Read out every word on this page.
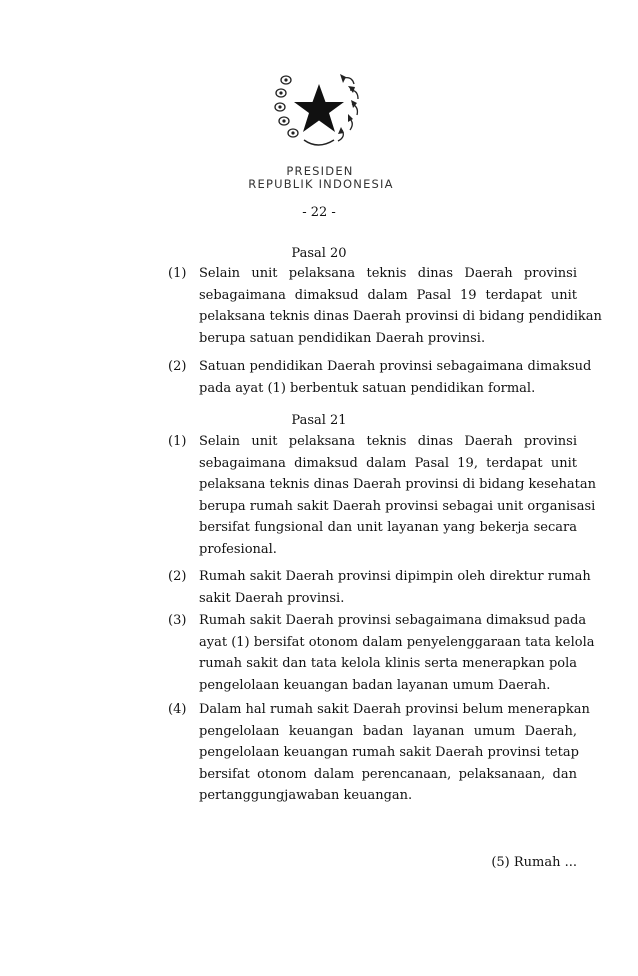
PRESIDEN
REPUBLIK INDONESIA
- 22 -
Pasal 20
(1) Selain unit pelaksana teknis dinas Daerah provinsi
sebagaimana dimaksud dalam Pasal 19 terdapat unit
pelaksana teknis dinas Daerah provinsi di bidang pendidikan
berupa satuan pendidikan Daerah provinsi.
(2) Satuan pendidikan Daerah provinsi sebagaimana dimaksud
pada ayat (1) berbentuk satuan pendidikan formal.
Pasal 21
(1) Selain unit pelaksana teknis dinas Daerah provinsi
sebagaimana dimaksud dalam Pasal 19, terdapat unit
pelaksana teknis dinas Daerah provinsi di bidang kesehatan
berupa rumah sakit Daerah provinsi sebagai unit organisasi
bersifat fungsional dan unit layanan yang bekerja secara
profesional.
(2) Rumah sakit Daerah provinsi dipimpin oleh direktur rumah
sakit Daerah provinsi.
(3) Rumah sakit Daerah provinsi sebagaimana dimaksud pada
ayat (1) bersifat otonom dalam penyelenggaraan tata kelola
rumah sakit dan tata kelola klinis serta menerapkan pola
pengelolaan keuangan badan layanan umum Daerah.
(4) Dalam hal rumah sakit Daerah provinsi belum menerapkan
pengelolaan keuangan badan layanan umum Daerah,
pengelolaan keuangan rumah sakit Daerah provinsi tetap
bersifat otonom dalam perencanaan, pelaksanaan, dan
pertanggungjawaban keuangan.
(5) Rumah ...
